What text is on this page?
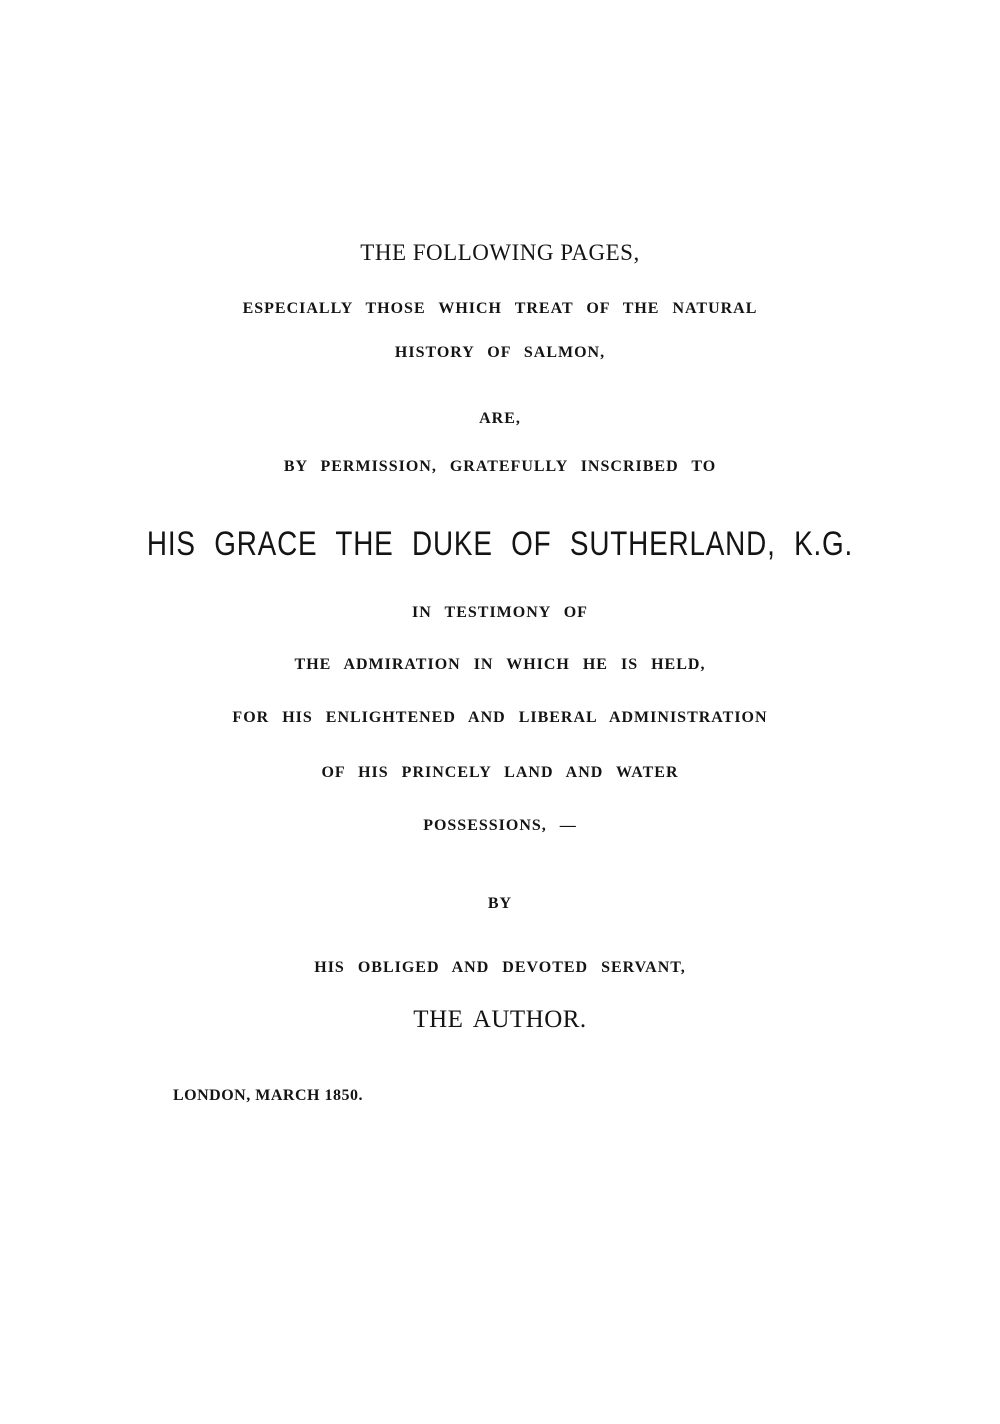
THE FOLLOWING PAGES,
ESPECIALLY THOSE WHICH TREAT OF THE NATURAL
HISTORY OF SALMON,
ARE,
BY PERMISSION, GRATEFULLY INSCRIBED TO
HIS GRACE THE DUKE OF SUTHERLAND, K.G.
IN TESTIMONY OF
THE ADMIRATION IN WHICH HE IS HELD,
FOR HIS ENLIGHTENED AND LIBERAL ADMINISTRATION
OF HIS PRINCELY LAND AND WATER
POSSESSIONS, —
BY
HIS OBLIGED AND DEVOTED SERVANT,
THE AUTHOR.
LONDON, MARCH 1850.
